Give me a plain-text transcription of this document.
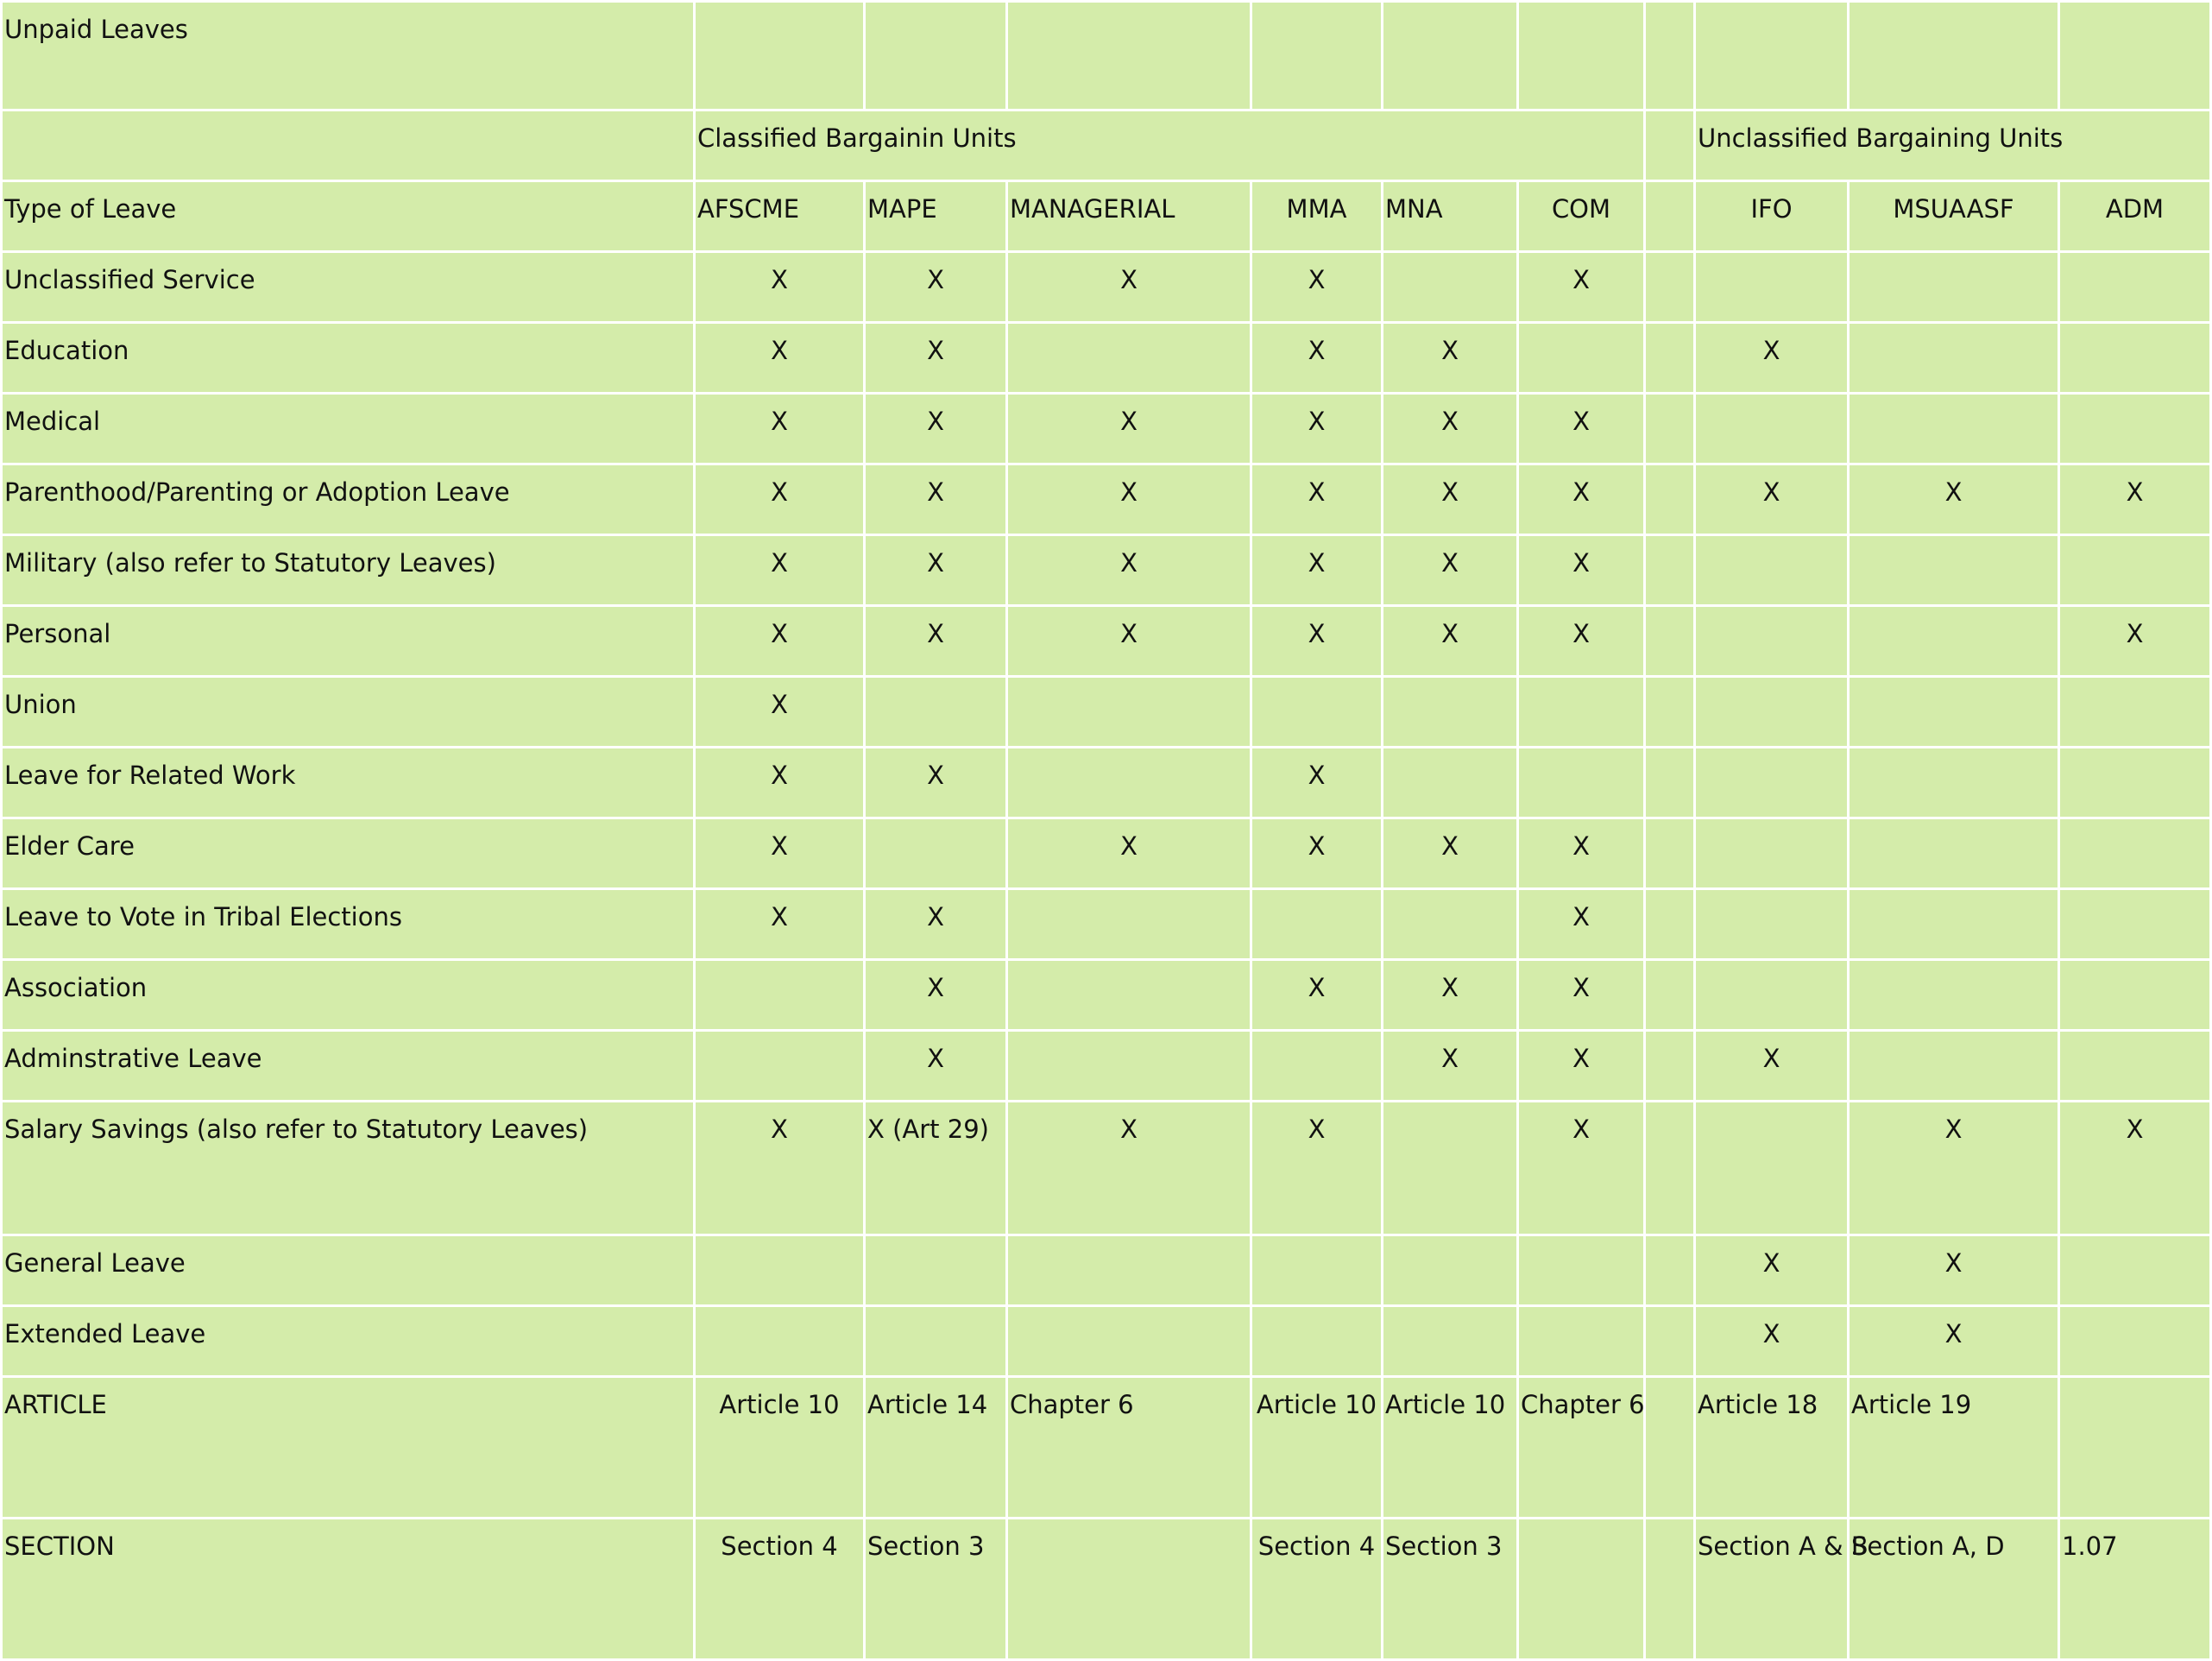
Unpaid Leaves										
	Classified Bargainin Units							Unclassified Bargaining Units		
Type of Leave	AFSCME	MAPE	MANAGERIAL	MMA	MNA	COM		IFO	MSUAASF	ADM
Unclassified Service	X	X	X	X		X				
Education	X	X		X	X			X		
Medical	X	X	X	X	X	X				
Parenthood/Parenting or Adoption Leave	X	X	X	X	X	X		X	X	X
Military (also refer to Statutory Leaves)	X	X	X	X	X	X				
Personal	X	X	X	X	X	X				X
Union	X									
Leave for Related Work	X	X		X						
Elder Care	X		X	X	X	X				
Leave to Vote in Tribal Elections	X	X				X				
Association		X		X	X	X				
Adminstrative Leave		X			X	X		X		
Salary Savings (also refer to Statutory Leaves)	X	X (Art 29)	X	X		X			X	X
General Leave								X	X	
Extended Leave								X	X	
ARTICLE	Article 10	Article 14	Chapter 6	Article 10	Article 10	Chapter 6		Article 18	Article 19	
SECTION	Section 4	Section 3		Section 4	Section 3			Section A & B	Section A, D	1.07
